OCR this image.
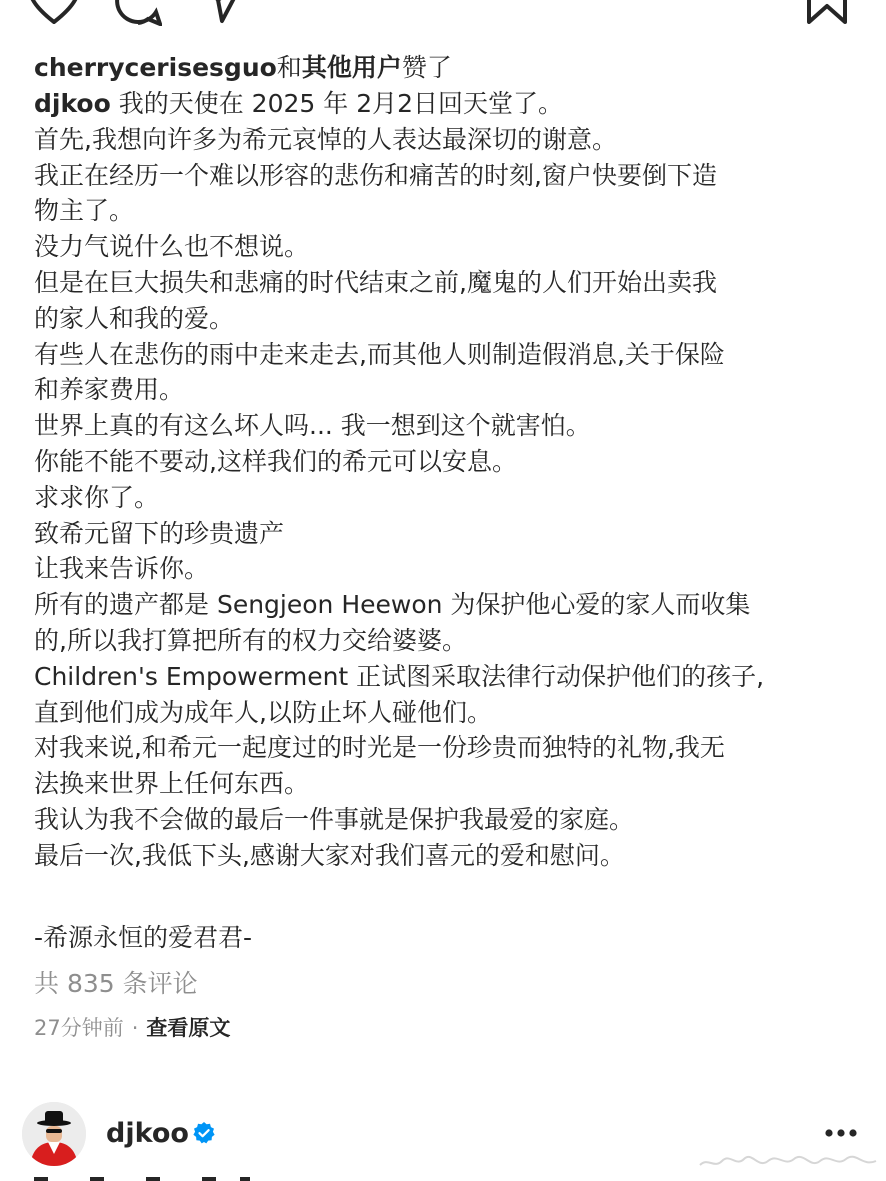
cherrycerisesguo和其他用户赞了
djkoo 我的天使在 2025 年 2月2日回天堂了。
首先,我想向许多为希元哀悼的人表达最深切的谢意。
我正在经历一个难以形容的悲伤和痛苦的时刻,窗户快要倒下造
物主了。
没力气说什么也不想说。
但是在巨大损失和悲痛的时代结束之前,魔鬼的人们开始出卖我
的家人和我的爱。
有些人在悲伤的雨中走来走去,而其他人则制造假消息,关于保险
和养家费用。
世界上真的有这么坏人吗... 我一想到这个就害怕。
你能不能不要动,这样我们的希元可以安息。
求求你了。
致希元留下的珍贵遗产
让我来告诉你。
所有的遗产都是 Sengjeon Heewon 为保护他心爱的家人而收集
的,所以我打算把所有的权力交给婆婆。
Children's Empowerment 正试图采取法律行动保护他们的孩子,
直到他们成为成年人,以防止坏人碰他们。
对我来说,和希元一起度过的时光是一份珍贵而独特的礼物,我无
法换来世界上任何东西。
我认为我不会做的最后一件事就是保护我最爱的家庭。
最后一次,我低下头,感谢大家对我们喜元的爱和慰问。
-希源永恒的爱君君-
共 835 条评论
27分钟前 · 查看原文
djkoo
